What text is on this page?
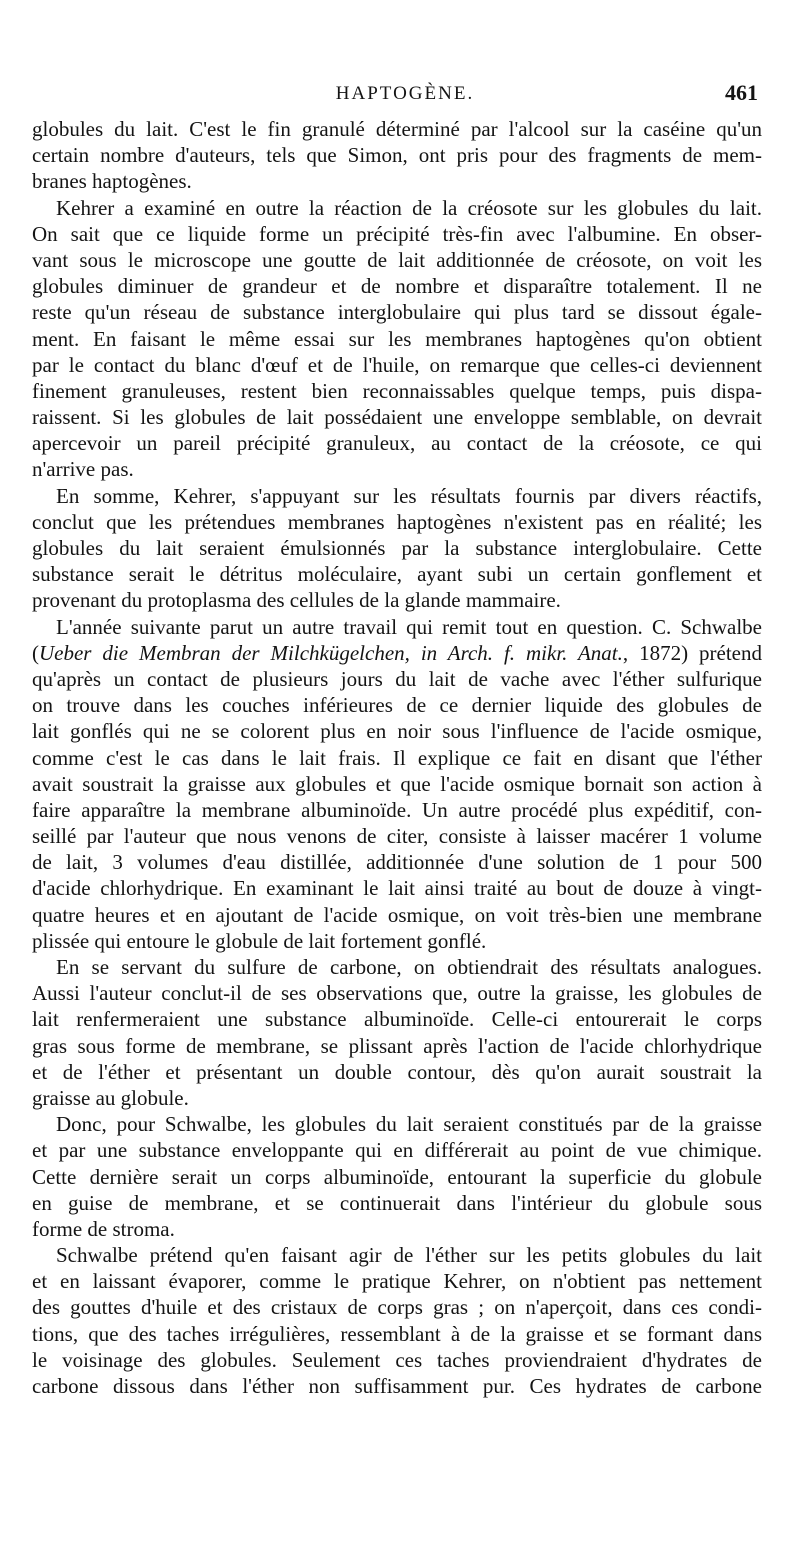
HAPTOGÈNE.	461
globules du lait. C'est le fin granulé déterminé par l'alcool sur la caséine qu'un
certain nombre d'auteurs, tels que Simon, ont pris pour des fragments de mem-
branes haptogènes.
Kehrer a examiné en outre la réaction de la créosote sur les globules du lait.
On sait que ce liquide forme un précipité très-fin avec l'albumine. En obser-
vant sous le microscope une goutte de lait additionnée de créosote, on voit les
globules diminuer de grandeur et de nombre et disparaître totalement. Il ne
reste qu'un réseau de substance interglobulaire qui plus tard se dissout égale-
ment. En faisant le même essai sur les membranes haptogènes qu'on obtient
par le contact du blanc d'œuf et de l'huile, on remarque que celles-ci deviennent
finement granuleuses, restent bien reconnaissables quelque temps, puis dispa-
raissent. Si les globules de lait possédaient une enveloppe semblable, on devrait
apercevoir un pareil précipité granuleux, au contact de la créosote, ce qui
n'arrive pas.
En somme, Kehrer, s'appuyant sur les résultats fournis par divers réactifs,
conclut que les prétendues membranes haptogènes n'existent pas en réalité; les
globules du lait seraient émulsionnés par la substance interglobulaire. Cette
substance serait le détritus moléculaire, ayant subi un certain gonflement et
provenant du protoplasma des cellules de la glande mammaire.
L'année suivante parut un autre travail qui remit tout en question. C. Schwalbe
(Ueber die Membran der Milchkügelchen, in Arch. f. mikr. Anat., 1872) prétend
qu'après un contact de plusieurs jours du lait de vache avec l'éther sulfurique
on trouve dans les couches inférieures de ce dernier liquide des globules de
lait gonflés qui ne se colorent plus en noir sous l'influence de l'acide osmique,
comme c'est le cas dans le lait frais. Il explique ce fait en disant que l'éther
avait soustrait la graisse aux globules et que l'acide osmique bornait son action à
faire apparaître la membrane albuminoïde. Un autre procédé plus expéditif, con-
seillé par l'auteur que nous venons de citer, consiste à laisser macérer 1 volume
de lait, 3 volumes d'eau distillée, additionnée d'une solution de 1 pour 500
d'acide chlorhydrique. En examinant le lait ainsi traité au bout de douze à vingt-
quatre heures et en ajoutant de l'acide osmique, on voit très-bien une membrane
plissée qui entoure le globule de lait fortement gonflé.
En se servant du sulfure de carbone, on obtiendrait des résultats analogues.
Aussi l'auteur conclut-il de ses observations que, outre la graisse, les globules de
lait renfermeraient une substance albuminoïde. Celle-ci entourerait le corps
gras sous forme de membrane, se plissant après l'action de l'acide chlorhydrique
et de l'éther et présentant un double contour, dès qu'on aurait soustrait la
graisse au globule.
Donc, pour Schwalbe, les globules du lait seraient constitués par de la graisse
et par une substance enveloppante qui en différerait au point de vue chimique.
Cette dernière serait un corps albuminoïde, entourant la superficie du globule
en guise de membrane, et se continuerait dans l'intérieur du globule sous
forme de stroma.
Schwalbe prétend qu'en faisant agir de l'éther sur les petits globules du lait
et en laissant évaporer, comme le pratique Kehrer, on n'obtient pas nettement
des gouttes d'huile et des cristaux de corps gras ; on n'aperçoit, dans ces condi-
tions, que des taches irrégulières, ressemblant à de la graisse et se formant dans
le voisinage des globules. Seulement ces taches proviendraient d'hydrates de
carbone dissous dans l'éther non suffisamment pur. Ces hydrates de carbone
